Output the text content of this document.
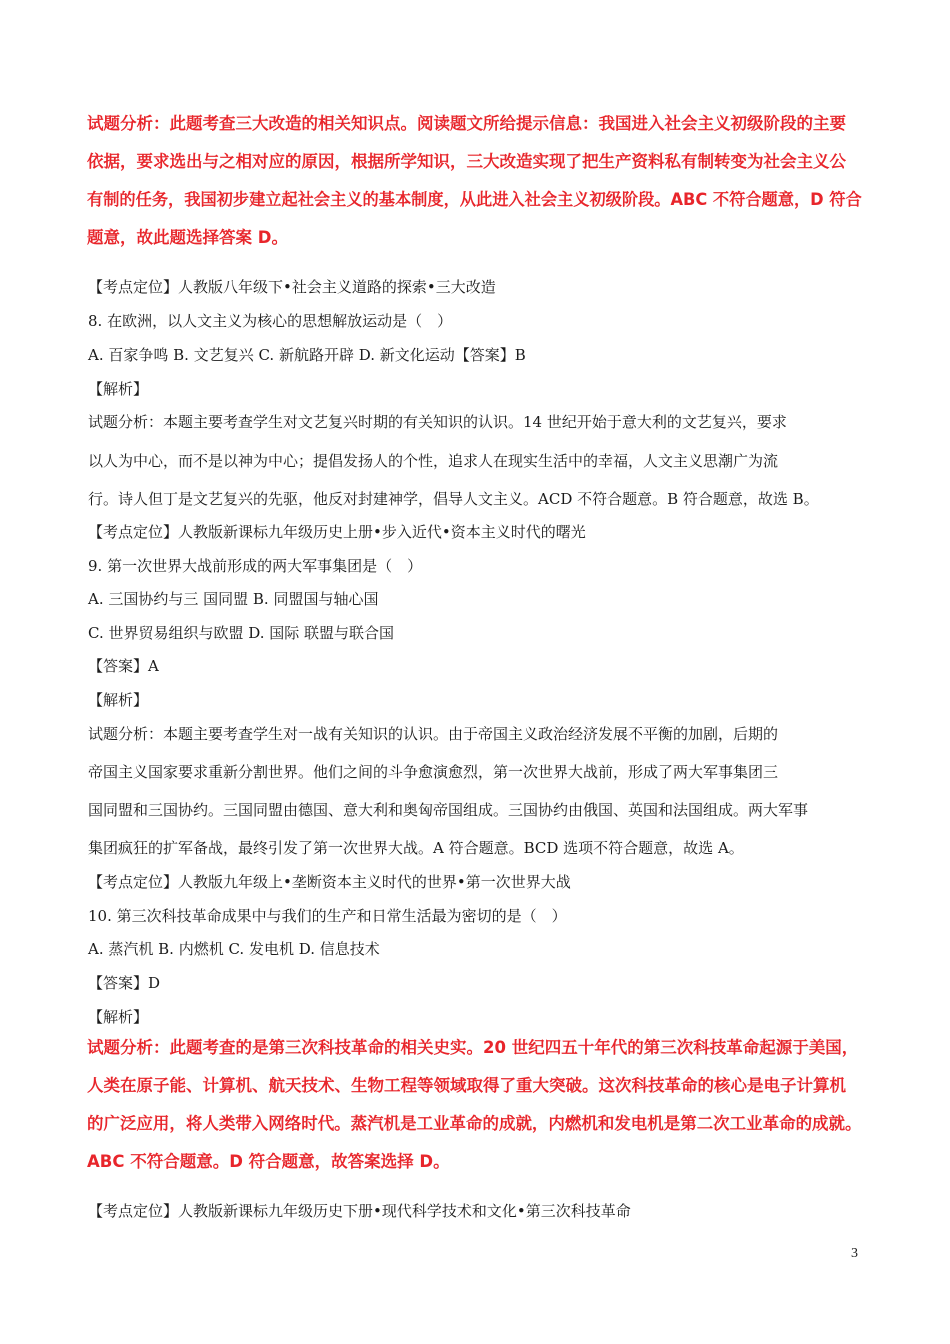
试题分析：此题考查三大改造的相关知识点。阅读题文所给提示信息：我国进入社会主义初级阶段的主要
依据，要求选出与之相对应的原因，根据所学知识，三大改造实现了把生产资料私有制转变为社会主义公
有制的任务，我国初步建立起社会主义的基本制度，从此进入社会主义初级阶段。ABC 不符合题意，D 符合
题意，故此题选择答案 D。
【考点定位】人教版八年级下•社会主义道路的探索•三大改造
8. 在欧洲，以人文主义为核心的思想解放运动是（　）
A. 百家争鸣 B. 文艺复兴 C. 新航路开辟 D. 新文化运动【答案】B
【解析】
试题分析：本题主要考查学生对文艺复兴时期的有关知识的认识。14 世纪开始于意大利的文艺复兴，要求
以人为中心，而不是以神为中心；提倡发扬人的个性，追求人在现实生活中的幸福，人文主义思潮广为流
行。诗人但丁是文艺复兴的先驱，他反对封建神学，倡导人文主义。ACD 不符合题意。B 符合题意，故选 B。
【考点定位】人教版新课标九年级历史上册•步入近代•资本主义时代的曙光
9. 第一次世界大战前形成的两大军事集团是（　）
A. 三国协约与三 国同盟 B. 同盟国与轴心国
C. 世界贸易组织与欧盟 D. 国际 联盟与联合国
【答案】A
【解析】
试题分析：本题主要考查学生对一战有关知识的认识。由于帝国主义政治经济发展不平衡的加剧，后期的
帝国主义国家要求重新分割世界。他们之间的斗争愈演愈烈，第一次世界大战前，形成了两大军事集团三
国同盟和三国协约。三国同盟由德国、意大利和奥匈帝国组成。三国协约由俄国、英国和法国组成。两大军事
集团疯狂的扩军备战，最终引发了第一次世界大战。A 符合题意。BCD 选项不符合题意，故选 A。
【考点定位】人教版九年级上•垄断资本主义时代的世界•第一次世界大战
10. 第三次科技革命成果中与我们的生产和日常生活最为密切的是（　）
A. 蒸汽机 B. 内燃机 C. 发电机 D. 信息技术
【答案】D
【解析】
试题分析：此题考查的是第三次科技革命的相关史实。20 世纪四五十年代的第三次科技革命起源于美国，
人类在原子能、计算机、航天技术、生物工程等领域取得了重大突破。这次科技革命的核心是电子计算机
的广泛应用，将人类带入网络时代。蒸汽机是工业革命的成就，内燃机和发电机是第二次工业革命的成就。
ABC 不符合题意。D 符合题意，故答案选择 D。
【考点定位】人教版新课标九年级历史下册•现代科学技术和文化•第三次科技革命
3
